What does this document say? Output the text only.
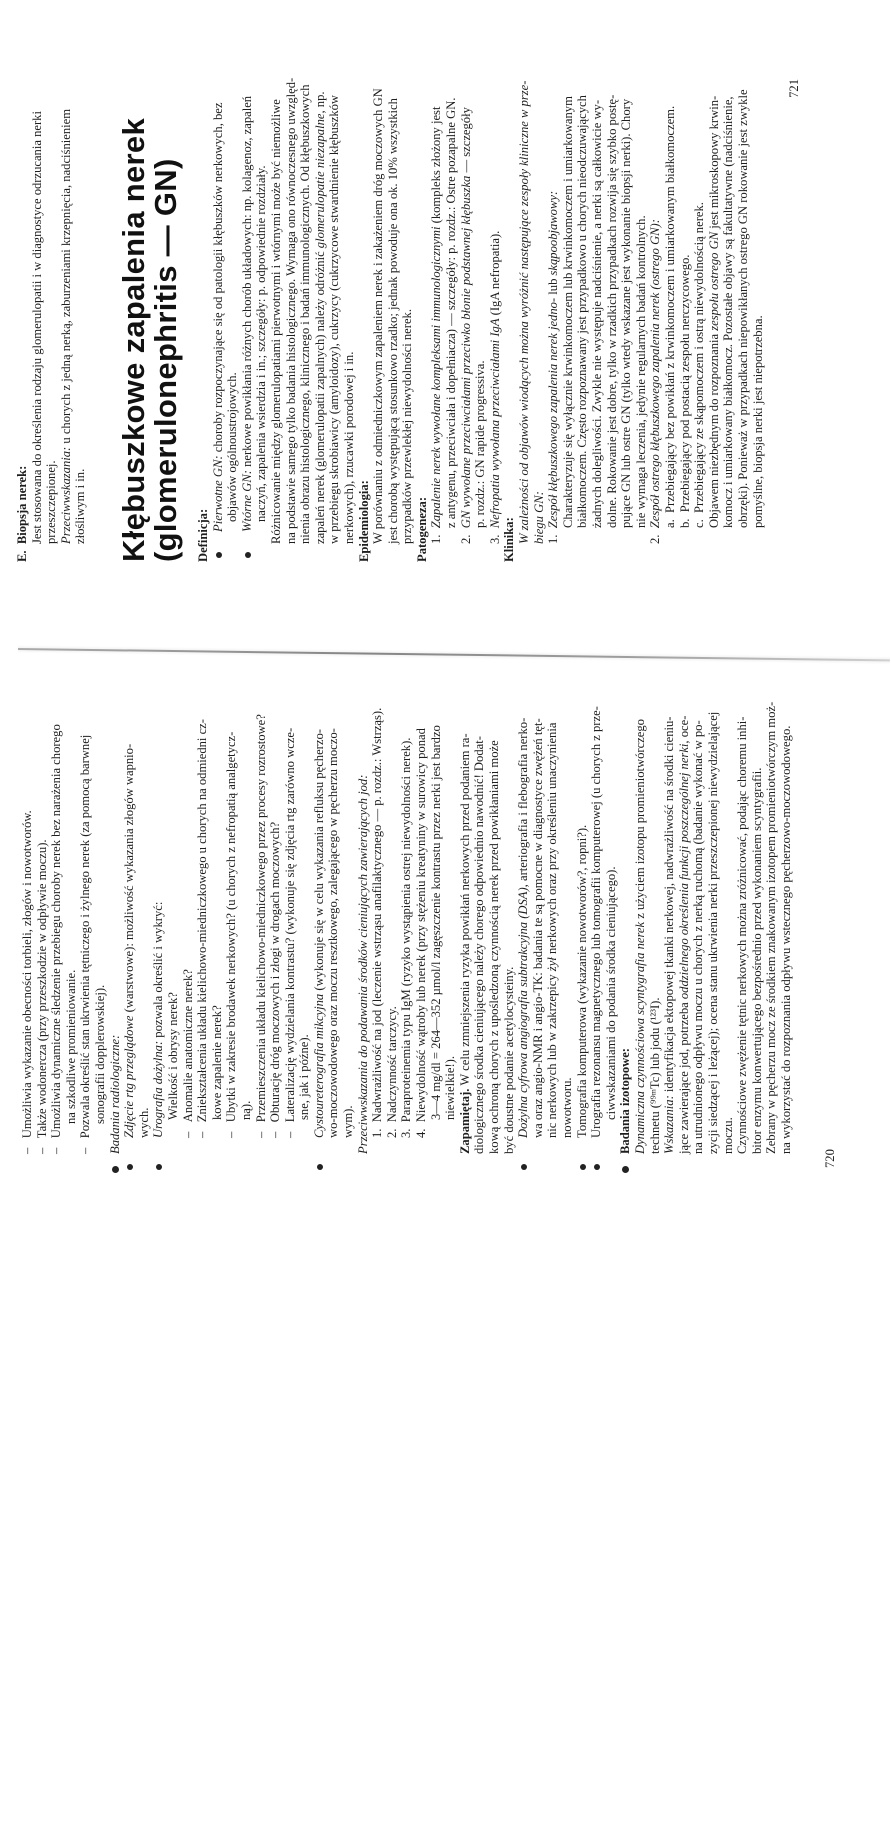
E.  Biopsja nerek: Jest stosowana do określenia rodzaju glomerulopatii i w diagnostyce odrzucania nerki przeszczepionej. Przeciwwskazania: u chorych z jedną nerką, zaburzeniami krzepnięcia, nadciśnieniem
złośliwym i in. Kłębuszkowe zapalenia nerek
(glomerulonephritis — GN) Definicja:
Pierwotne GN: choroby rozpoczynające się od patologii kłębuszków nerkowych, bez objawów ogólnoustrojowych. Wtórne GN: nerkowe powikłania różnych chorób układowych: np. kolagenoz, zapaleń naczyń, zapalenia wsierdzia i in.; szczegóły: p. odpowiednie rozdziały. Różnicowanie między glomerulopatiami pierwotnymi i wtórnymi może być niemożliwe na podstawie samego tylko badania histologicznego. Wymaga ono równoczesnego uwzględ- nienia obrazu histologicznego, klinicznego i badań immunologicznych. Od kłębuszkowych zapaleń nerek (glomerulopatii zapalnych) należy odróżnić glomerulopatie niezapalne, np. w przebiegu skrobiawicy (amyloidozy), cukrzycy (cukrzycowe stwardnienie kłębuszków nerkowych), rzucawki porodowej i in. Epidemiologia: W porównaniu z odmiedniczkowym zapaleniem nerek i zakażeniem dróg moczowych GN jest chorobą występującą stosunkowo rzadko; jednak powoduje ona ok. 10% wszystkich przypadków przewlekłej niewydolności nerek. Patogeneza: 1.  Zapalenie nerek wywołane kompleksami immunologicznymi (kompleks złożony jest z antygenu, przeciwciała i dopełniacza) — szczegóły: p. rozdz.: Ostre pozapalne GN.
2.  GN wywołane przeciwciałami przeciwko błonie podstawnej kłębuszka — szczegóły
p. rozdz.: GN rapide progressiva.
3.  Nefropatia wywołana przeciwciałami IgA (IgA nefropatia).
Klinika: W zależności od objawów wiodących można wyróżnić następujące zespoły kliniczne w prze- biegu GN: 1.  Zespół kłębuszkowego zapalenia nerek jedno- lub skąpoobjawowy: Charakteryzuje się wyłącznie krwinkomoczem lub krwinkomoczem i umiarkowanym białkomoczem. Często rozpoznawany jest przypadkowo u chorych nieodczuwających żadnych dolegliwości. Zwykle nie występuje nadciśnienie, a nerki są całkowicie wy- dolne. Rokowanie jest dobre, tylko w rzadkich przypadkach rozwija się szybko postę- pujące GN lub ostre GN (tylko wtedy wskazane jest wykonanie biopsji nerki). Chory nie wymaga leczenia, jedynie regularnych badań kontrolnych.
2.  Zespół ostrego kłębuszkowego zapalenia nerek (ostrego GN): a.  Przebiegający bez powikłań z krwinkomoczem i umiarkowanym białkomoczem.
b.  Przebiegający pod postacią zespołu nerczycowego.
c.  Przebiegający ze skąpomoczem i ostrą niewydolnością nerek. Objawem niezbędnym do rozpoznania zespołu ostrego GN jest mikroskopowy krwin- komocz i umiarkowany białkomocz. Pozostałe objawy są fakultatywne (nadciśnienie, obrzęki). Ponieważ w przypadkach niepowikłanych ostrego GN rokowanie jest zwykle pomyślne, biopsja nerki jest niepotrzebna.
721
–   Umożliwia wykazanie obecności torbieli, złogów i nowotworów.
–   Także wodonercza (przy przeszkodzie w odpływie moczu).
–   Umożliwia dynamiczne śledzenie przebiegu choroby nerek bez narażenia chorego na szkodliwe promieniowanie.
–   Pozwala określić stan ukrwienia tętniczego i żylnego nerek (za pomocą barwnej sonografii dopplerowskiej). Badania radiologiczne: Zdjęcie rtg przeglądowe (warstwowe): możliwość wykazania złogów wapnio-
wych. Urografia dożylna: pozwala określić i wykryć:
Wielkość i obrysy nerek?
–   Anomalie anatomiczne nerek?
–   Zniekształcenia układu kielichowo-miedniczkowego u chorych na odmiedni cz- kowe zapalenie nerek?
–   Ubytki w zakresie brodawek nerkowych? (u chorych z nefropatią analgetycz- ną).
–   Przemieszczenia układu kielichowo-miedniczkowego przez procesy rozrostowe?
–   Obturację dróg moczowych i złogi w drogach moczowych?
–   Lateralizację wydzielania kontrastu? (wykonuje się zdjęcia rtg zarówno wcze- sne, jak i późne). Cystoureterografia mikcyjna (wykonuje się w celu wykazania refluksu pęcherzo- wo-moczowodowego oraz moczu resztkowego, zalegającego w pęcherzu moczo- wym). Przeciwwskazania do podawania środków cieniujących zawierających jod: 1.  Nadwrażliwość na jod (leczenie wstrząsu anafilaktycznego — p. rozdz.: Wstrząs).
2.  Nadczynność tarczycy.
3.  Paraproteinemia typu IgM (ryzyko wystąpienia ostrej niewydolności nerek).
4.  Niewydolność wątroby lub nerek (przy stężeniu kreatyniny w surowicy ponad 3—4 mg/dl = 264—352 µmol/l zagęszczenie kontrastu przez nerki jest bardzo niewielkie!).
Zapamiętaj. W celu zmniejszenia ryzyka powikłań nerkowych przed podaniem ra- diologicznego środka cieniującego należy chorego odpowiednio nawodnić! Dodat- kową ochroną chorych z upośledzoną czynnością nerek przed powikłaniami może być doustne podanie acetylocysteiny. Dożylna cyfrowa angiografia subtrakcyjna (DSA), arteriografia i flebografia nerko- wa oraz angio-NMR i angio-TK: badania te są pomocne w diagnostyce zwężeń tęt- nic nerkowych lub w zakrzepicy żył nerkowych oraz przy określeniu unaczynienia
nowotworu. Tomografia komputerowa (wykazanie nowotworów?, ropni?). Urografia rezonansu magnetycznego lub tomografii komputerowej (u chorych z prze- ciwwskazaniami do podania środka cieniującego). Badania izotopowe: Dynamiczna czynnościowa scyntygrafia nerek z użyciem izotopu promieniotwórczego
technetu (⁹⁹ᵐTc) lub jodu (¹²³I). Wskazania: identyfikacja ektopowej tkanki nerkowej, nadwrażliwość na środki cieniu- jące zawierające jod, potrzeba oddzielnego określenia funkcji poszczególnej nerki, oce- na utrudnionego odpływu moczu u chorych z nerką ruchomą (badanie wykonać w po- zycji siedzącej i leżącej); ocena stanu ukrwienia nerki przeszczepionej niewydzielającej moczu. Czynnościowe zwężenie tętnic nerkowych można zróżnicować, podając choremu inhi- bitor enzymu konwertującego bezpośrednio przed wykonaniem scyntygrafii. Zebrany w pęcherzu mocz ze środkiem znakowanym izotopem promieniotwórczym moż- na wykorzystać do rozpoznania odpływu wstecznego pęcherzowo-moczowodowego.
720
